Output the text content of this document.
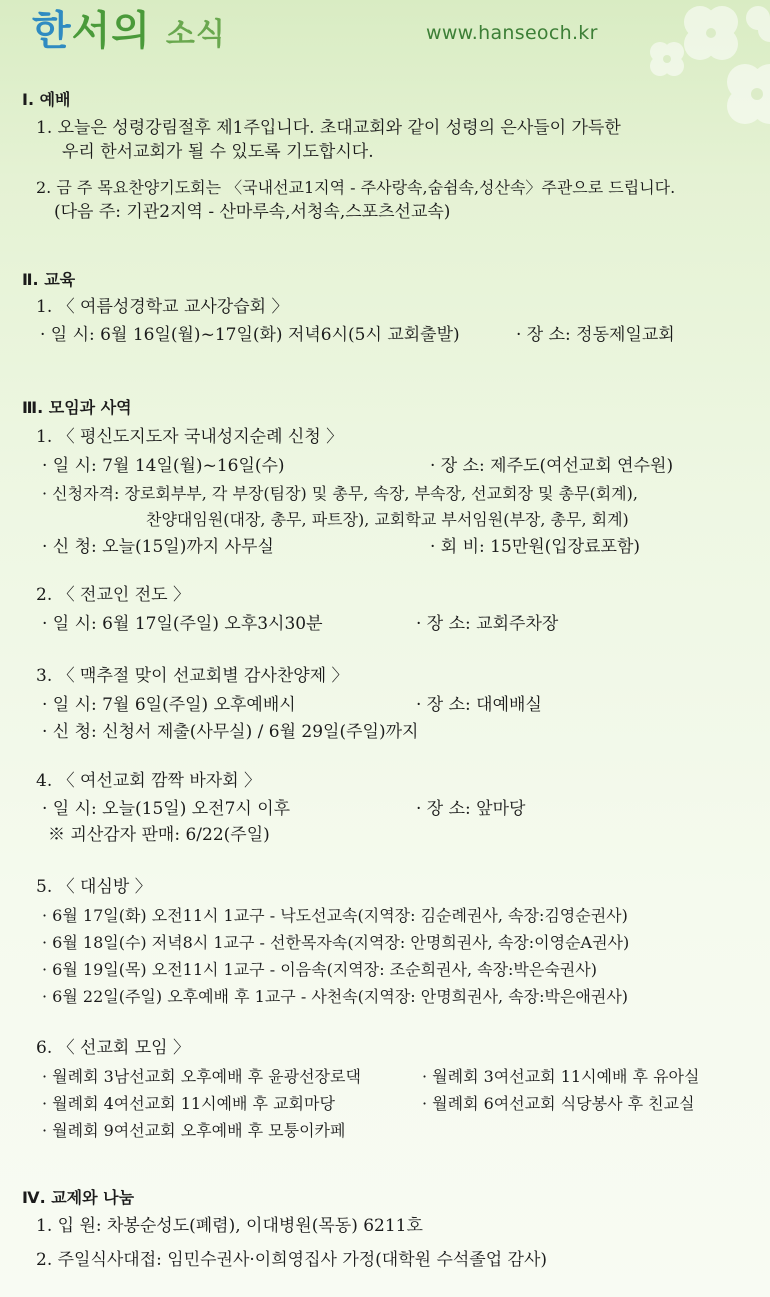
한서의 소식	www.hanseoch.kr
Ⅰ. 예배
1. 오늘은 성령강림절후 제1주입니다. 초대교회와 같이 성령의 은사들이 가득한
우리 한서교회가 될 수 있도록 기도합시다.
2. 금 주 목요찬양기도회는 〈국내선교1지역 - 주사랑속,숨쉼속,성산속〉주관으로 드립니다.
(다음 주: 기관2지역 - 산마루속,서청속,스포츠선교속)
Ⅱ. 교육
1. 〈 여름성경학교 교사강습회 〉
· 일 시: 6월 16일(월)~17일(화) 저녁6시(5시 교회출발)	· 장 소: 정동제일교회
Ⅲ. 모임과 사역
1. 〈 평신도지도자 국내성지순례 신청 〉
· 일 시: 7월 14일(월)~16일(수)	· 장 소: 제주도(여선교회 연수원)
· 신청자격: 장로회부부, 각 부장(팀장) 및 총무, 속장, 부속장, 선교회장 및 총무(회계),
찬양대임원(대장, 총무, 파트장), 교회학교 부서임원(부장, 총무, 회계)
· 신 청: 오늘(15일)까지 사무실	· 회 비: 15만원(입장료포함)
2. 〈 전교인 전도 〉
· 일 시: 6월 17일(주일) 오후3시30분	· 장 소: 교회주차장
3. 〈 맥추절 맞이 선교회별 감사찬양제 〉
· 일 시: 7월 6일(주일) 오후예배시	· 장 소: 대예배실
· 신 청: 신청서 제출(사무실) / 6월 29일(주일)까지
4. 〈 여선교회 깜짝 바자회 〉
· 일 시: 오늘(15일) 오전7시 이후	· 장 소: 앞마당
※ 괴산감자 판매: 6/22(주일)
5. 〈 대심방 〉
· 6월 17일(화) 오전11시 1교구 - 낙도선교속(지역장: 김순례권사, 속장:김영순권사)
· 6월 18일(수) 저녁8시 1교구 - 선한목자속(지역장: 안명희권사, 속장:이영순A권사)
· 6월 19일(목) 오전11시 1교구 - 이음속(지역장: 조순희권사, 속장:박은숙권사)
· 6월 22일(주일) 오후예배 후 1교구 - 사천속(지역장: 안명희권사, 속장:박은애권사)
6. 〈 선교회 모임 〉
· 월례회 3남선교회 오후예배 후 윤광선장로댁	· 월례회 3여선교회 11시예배 후 유아실
· 월례회 4여선교회 11시예배 후 교회마당	· 월례회 6여선교회 식당봉사 후 친교실
· 월례회 9여선교회 오후예배 후 모퉁이카페
Ⅳ. 교제와 나눔
1. 입 원: 차봉순성도(폐렴), 이대병원(목동) 6211호
2. 주일식사대접: 임민수권사·이희영집사 가정(대학원 수석졸업 감사)
